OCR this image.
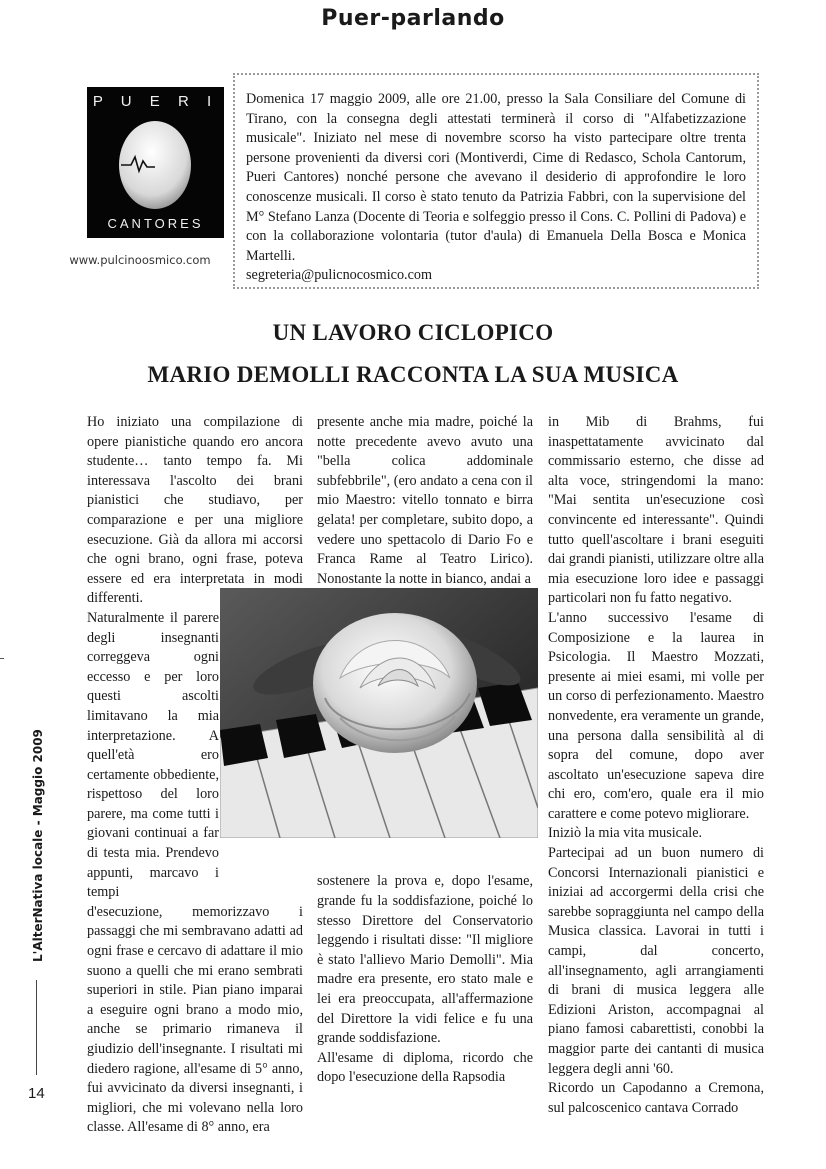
Puer-parlando
P U E R I
CANTORES
www.pulcinoosmico.com

Domenica 17 maggio 2009, alle ore 21.00, presso la Sala Consiliare del Comune di Tirano, con la consegna degli attestati terminerà il corso di "Alfabetizzazione musicale". Iniziato nel mese di novembre scorso ha visto partecipare oltre trenta persone provenienti da diversi cori (Montiverdi, Cime di Redasco, Schola Cantorum, Pueri Cantores) nonché persone che avevano il desiderio di approfondire le loro conoscenze musicali. Il corso è stato tenuto da Patrizia Fabbri, con la supervisione del M° Stefano Lanza (Docente di Teoria e solfeggio presso il Cons. C. Pollini di Padova) e con la collaborazione volontaria (tutor d'aula) di Emanuela Della Bosca e Monica Martelli.

segreteria@pulicnocosmico.com

UN LAVORO CICLOPICO
MARIO DEMOLLI RACCONTA LA SUA MUSICA

Ho iniziato una compilazione di opere pianistiche quando ero ancora studente… tanto tempo fa. Mi interessava l'ascolto dei brani pianistici che studiavo, per comparazione e per una migliore esecuzione. Già da allora mi accorsi che ogni brano, ogni frase, poteva essere ed era interpretata in modi differenti.

Naturalmente il parere degli insegnanti correggeva ogni eccesso e per loro questi ascolti limitavano la mia interpretazione. A quell'età ero certamente obbediente, rispettoso del loro parere, ma come tutti i giovani continuai a far di testa mia. Prendevo appunti, marcavo i tempi

d'esecuzione, memorizzavo i passaggi che mi sembravano adatti ad ogni frase e cercavo di adattare il mio suono a quelli che mi erano sembrati superiori in stile. Pian piano imparai a eseguire ogni brano a modo mio, anche se primario rimaneva il giudizio dell'insegnante. I risultati mi diedero ragione, all'esame di 5° anno, fui avvicinato da diversi insegnanti, i migliori, che mi volevano nella loro classe. All'esame di 8° anno, era

presente anche mia madre, poiché la notte precedente avevo avuto una "bella colica addominale subfebbrile", (ero andato a cena con il mio Maestro: vitello tonnato e birra gelata! per completare, subito dopo, a vedere uno spettacolo di Dario Fo e Franca Rame al Teatro Lirico). Nonostante la notte in bianco, andai a

sostenere la prova e, dopo l'esame, grande fu la soddisfazione, poiché lo stesso Direttore del Conservatorio leggendo i risultati disse: "Il migliore è stato l'allievo Mario Demolli". Mia madre era presente, ero stato male e lei era preoccupata, all'affermazione del Direttore la vidi felice e fu una grande soddisfazione.

All'esame di diploma, ricordo che dopo l'esecuzione della Rapsodia

in Mib di Brahms, fui inaspettatamente avvicinato dal commissario esterno, che disse ad alta voce, stringendomi la mano: "Mai sentita un'esecuzione così convincente ed interessante". Quindi tutto quell'ascoltare i brani eseguiti dai grandi pianisti, utilizzare oltre alla mia esecuzione loro idee e passaggi particolari non fu fatto negativo.

L'anno successivo l'esame di Composizione e la laurea in Psicologia. Il Maestro Mozzati, presente ai miei esami, mi volle per un corso di perfezionamento. Maestro nonvedente, era veramente un grande, una persona dalla sensibilità al di sopra del comune, dopo aver ascoltato un'esecuzione sapeva dire chi ero, com'ero, quale era il mio carattere e come potevo migliorare.

Iniziò la mia vita musicale.

Partecipai ad un buon numero di Concorsi Internazionali pianistici e iniziai ad accorgermi della crisi che sarebbe sopraggiunta nel campo della Musica classica. Lavorai in tutti i campi, dal concerto, all'insegnamento, agli arrangiamenti di brani di musica leggera alle Edizioni Ariston, accompagnai al piano famosi cabarettisti, conobbi la maggior parte dei cantanti di musica leggera degli anni '60.

Ricordo un Capodanno a Cremona, sul palcoscenico cantava Corrado

L'AlterNativa locale - Maggio 2009
14
